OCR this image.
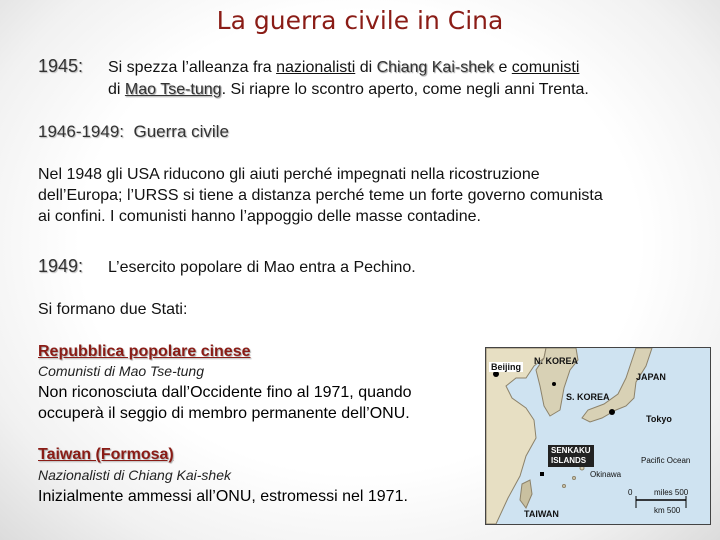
La guerra civile in Cina
1945: Si spezza l’alleanza fra nazionalisti di Chiang Kai-shek e comunisti
di Mao Tse-tung. Si riapre lo scontro aperto, come negli anni Trenta.
1946-1949: Guerra civile
Nel 1948 gli USA riducono gli aiuti perché impegnati nella ricostruzione
dell’Europa; l’URSS si tiene a distanza perché teme un forte governo comunista
ai confini. I comunisti hanno l’appoggio delle masse contadine.
1949: L’esercito popolare di Mao entra a Pechino.
Si formano due Stati:
Repubblica popolare cinese
Comunisti di Mao Tse-tung
Non riconosciuta dall’Occidente fino al 1971, quando
occuperà il seggio di membro permanente dell’ONU.
Taiwan (Formosa)
Nazionalisti di Chiang Kai-shek
Inizialmente ammessi all’ONU, estromessi nel 1971.
Beijing
N. KOREA
JAPAN
S. KOREA
Tokyo
SENKAKU
ISLANDS	Pacific Ocean
Okinawa
TAIWAN
0	miles 500
km 500
